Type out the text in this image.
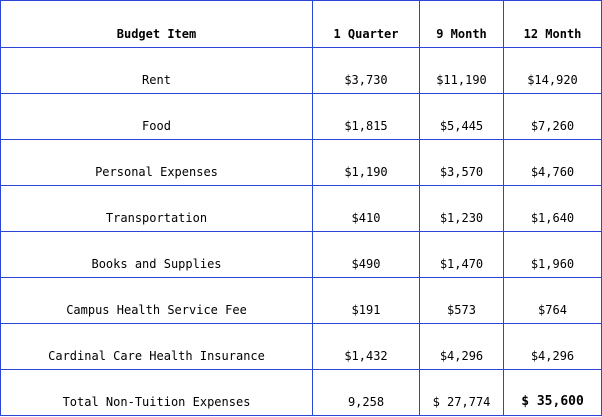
Budget Item	1 Quarter	9 Month	12 Month
Rent	$3,730	$11,190	$14,920
Food	$1,815	$5,445	$7,260
Personal Expenses	$1,190	$3,570	$4,760
Transportation	$410	$1,230	$1,640
Books and Supplies	$490	$1,470	$1,960
Campus Health Service Fee	$191	$573	$764
Cardinal Care Health Insurance	$1,432	$4,296	$4,296
Total Non-Tuition Expenses	9,258	$ 27,774	$ 35,600
